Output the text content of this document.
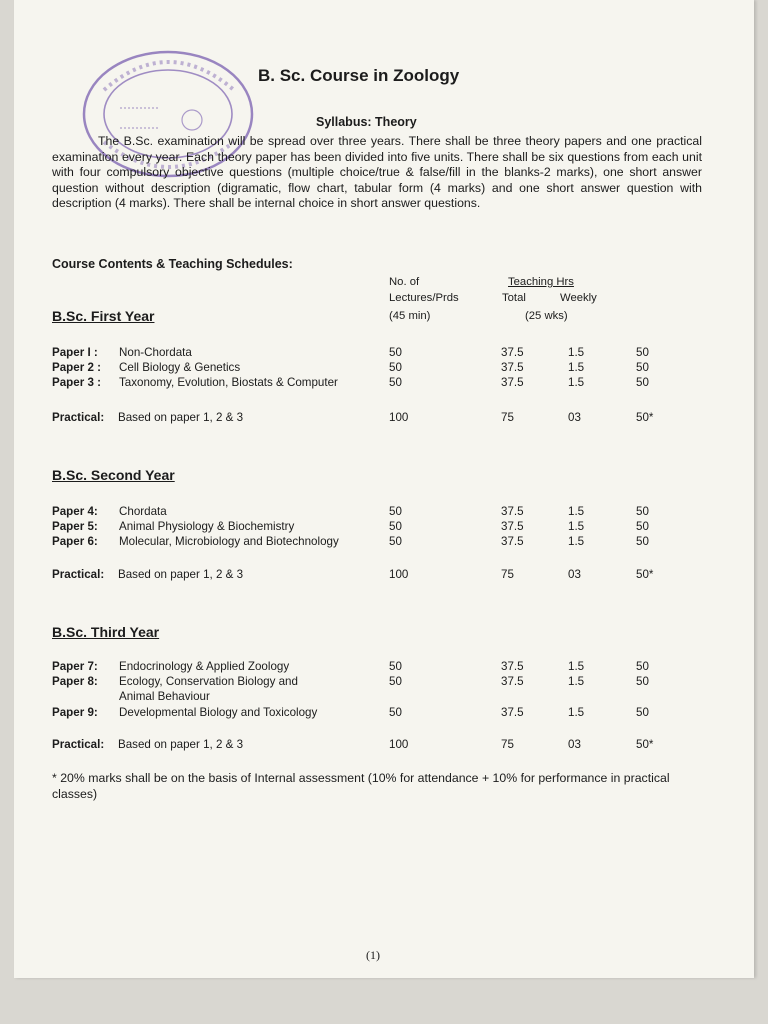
B. Sc. Course in Zoology
Syllabus: Theory
The B.Sc. examination will be spread over three years. There shall be three theory papers and one practical examination every year. Each theory paper has been divided into five units. There shall be six questions from each unit with four compulsory objective questions (multiple choice/true & false/fill in the blanks-2 marks), one short answer question without description (digramatic, flow chart, tabular form (4 marks) and one short answer question with description (4 marks). There shall be internal choice in short answer questions.
Course Contents & Teaching Schedules:
No. of
Lectures/Prds
(45 min)
Teaching Hrs
Total	Weekly
(25 wks)
B.Sc. First Year
Paper I : Non-Chordata	50	37.5	1.5	50
Paper 2 : Cell Biology & Genetics	50	37.5	1.5	50
Paper 3 : Taxonomy, Evolution, Biostats & Computer	50	37.5	1.5	50
Practical: Based on paper 1, 2 & 3	100	75	03	50*
B.Sc. Second Year
Paper 4: Chordata	50	37.5	1.5	50
Paper 5: Animal Physiology & Biochemistry	50	37.5	1.5	50
Paper 6: Molecular, Microbiology and Biotechnology	50	37.5	1.5	50
Practical: Based on paper 1, 2 & 3	100	75	03	50*
B.Sc. Third Year
Paper 7: Endocrinology & Applied Zoology	50	37.5	1.5	50
Paper 8: Ecology, Conservation Biology and	50	37.5	1.5	50
Animal Behaviour
Paper 9: Developmental Biology and Toxicology	50	37.5	1.5	50
Practical: Based on paper 1, 2 & 3	100	75	03	50*
* 20% marks shall be on the basis of Internal assessment (10% for attendance + 10% for performance in practical classes)
(1)
